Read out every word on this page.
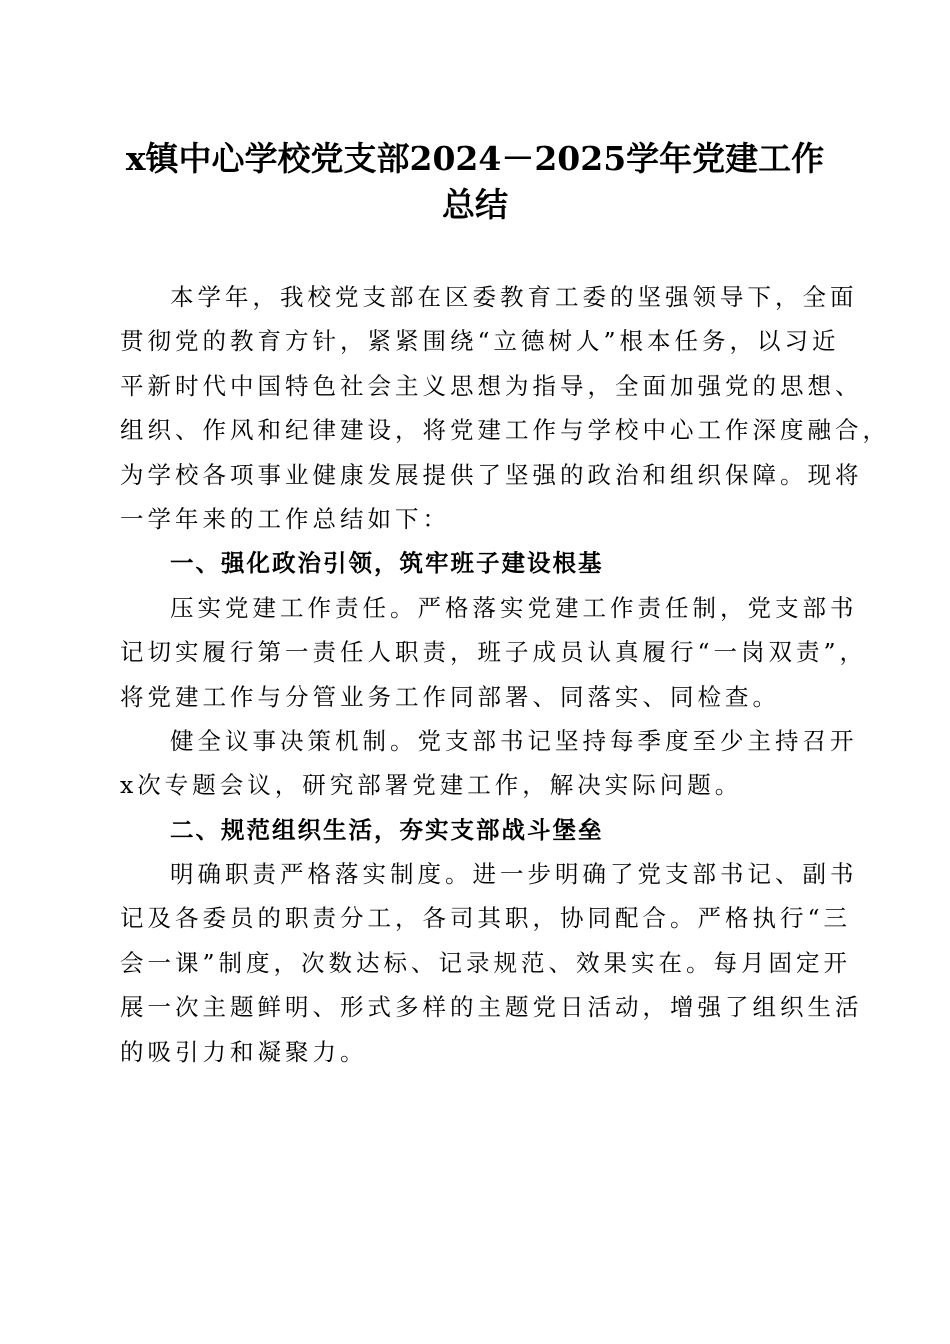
x镇中心学校党支部2024－2025学年党建工作
总结
本学年，我校党支部在区委教育工委的坚强领导下，全面
贯彻党的教育方针，紧紧围绕“立德树人”根本任务，以习近
平新时代中国特色社会主义思想为指导，全面加强党的思想、
组织、作风和纪律建设，将党建工作与学校中心工作深度融合，
为学校各项事业健康发展提供了坚强的政治和组织保障。现将
一学年来的工作总结如下：
一、强化政治引领，筑牢班子建设根基
压实党建工作责任。严格落实党建工作责任制，党支部书
记切实履行第一责任人职责，班子成员认真履行“一岗双责”，
将党建工作与分管业务工作同部署、同落实、同检查。
健全议事决策机制。党支部书记坚持每季度至少主持召开
x次专题会议，研究部署党建工作，解决实际问题。
二、规范组织生活，夯实支部战斗堡垒
明确职责严格落实制度。进一步明确了党支部书记、副书
记及各委员的职责分工，各司其职，协同配合。严格执行“三
会一课”制度，次数达标、记录规范、效果实在。每月固定开
展一次主题鲜明、形式多样的主题党日活动，增强了组织生活
的吸引力和凝聚力。
